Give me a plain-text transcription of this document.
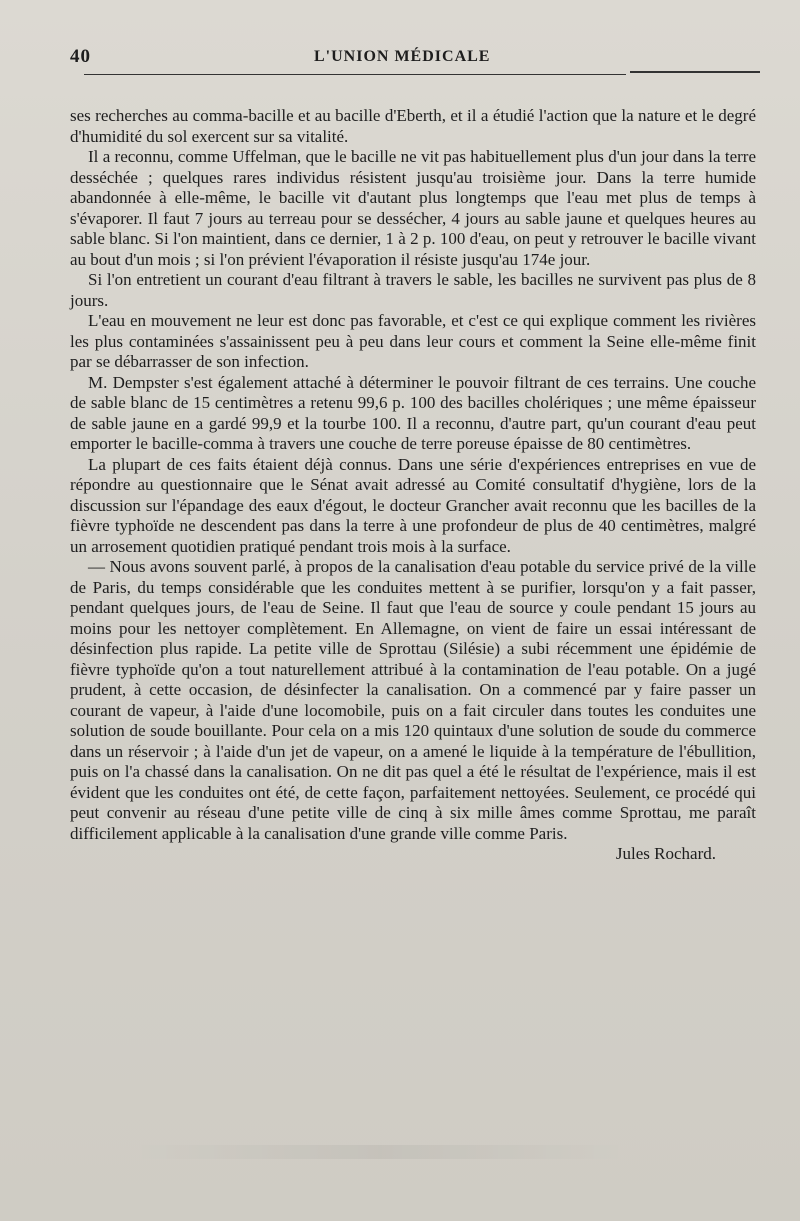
40	L'UNION MÉDICALE

ses recherches au comma-bacille et au bacille d'Eberth, et il a étudié l'action que la nature et le degré d'humidité du sol exercent sur sa vitalité.

Il a reconnu, comme Uffelman, que le bacille ne vit pas habituellement plus d'un jour dans la terre desséchée ; quelques rares individus résistent jusqu'au troisième jour. Dans la terre humide abandonnée à elle-même, le bacille vit d'autant plus longtemps que l'eau met plus de temps à s'évaporer. Il faut 7 jours au terreau pour se dessécher, 4 jours au sable jaune et quelques heures au sable blanc. Si l'on maintient, dans ce dernier, 1 à 2 p. 100 d'eau, on peut y retrouver le bacille vivant au bout d'un mois ; si l'on prévient l'évaporation il résiste jusqu'au 174e jour.

Si l'on entretient un courant d'eau filtrant à travers le sable, les bacilles ne survivent pas plus de 8 jours.

L'eau en mouvement ne leur est donc pas favorable, et c'est ce qui explique comment les rivières les plus contaminées s'assainissent peu à peu dans leur cours et comment la Seine elle-même finit par se débarrasser de son infection.

M. Dempster s'est également attaché à déterminer le pouvoir filtrant de ces terrains. Une couche de sable blanc de 15 centimètres a retenu 99,6 p. 100 des bacilles cholériques ; une même épaisseur de sable jaune en a gardé 99,9 et la tourbe 100. Il a reconnu, d'autre part, qu'un courant d'eau peut emporter le bacille-comma à travers une couche de terre poreuse épaisse de 80 centimètres.

La plupart de ces faits étaient déjà connus. Dans une série d'expériences entreprises en vue de répondre au questionnaire que le Sénat avait adressé au Comité consultatif d'hygiène, lors de la discussion sur l'épandage des eaux d'égout, le docteur Grancher avait reconnu que les bacilles de la fièvre typhoïde ne descendent pas dans la terre à une profondeur de plus de 40 centimètres, malgré un arrosement quotidien pratiqué pendant trois mois à la surface.

— Nous avons souvent parlé, à propos de la canalisation d'eau potable du service privé de la ville de Paris, du temps considérable que les conduites mettent à se purifier, lorsqu'on y a fait passer, pendant quelques jours, de l'eau de Seine. Il faut que l'eau de source y coule pendant 15 jours au moins pour les nettoyer complètement. En Allemagne, on vient de faire un essai intéressant de désinfection plus rapide. La petite ville de Sprottau (Silésie) a subi récemment une épidémie de fièvre typhoïde qu'on a tout naturellement attribué à la contamination de l'eau potable. On a jugé prudent, à cette occasion, de désinfecter la canalisation. On a commencé par y faire passer un courant de vapeur, à l'aide d'une locomobile, puis on a fait circuler dans toutes les conduites une solution de soude bouillante. Pour cela on a mis 120 quintaux d'une solution de soude du commerce dans un réservoir ; à l'aide d'un jet de vapeur, on a amené le liquide à la température de l'ébullition, puis on l'a chassé dans la canalisation. On ne dit pas quel a été le résultat de l'expérience, mais il est évident que les conduites ont été, de cette façon, parfaitement nettoyées. Seulement, ce procédé qui peut convenir au réseau d'une petite ville de cinq à six mille âmes comme Sprottau, me paraît difficilement applicable à la canalisation d'une grande ville comme Paris.

Jules Rochard.
